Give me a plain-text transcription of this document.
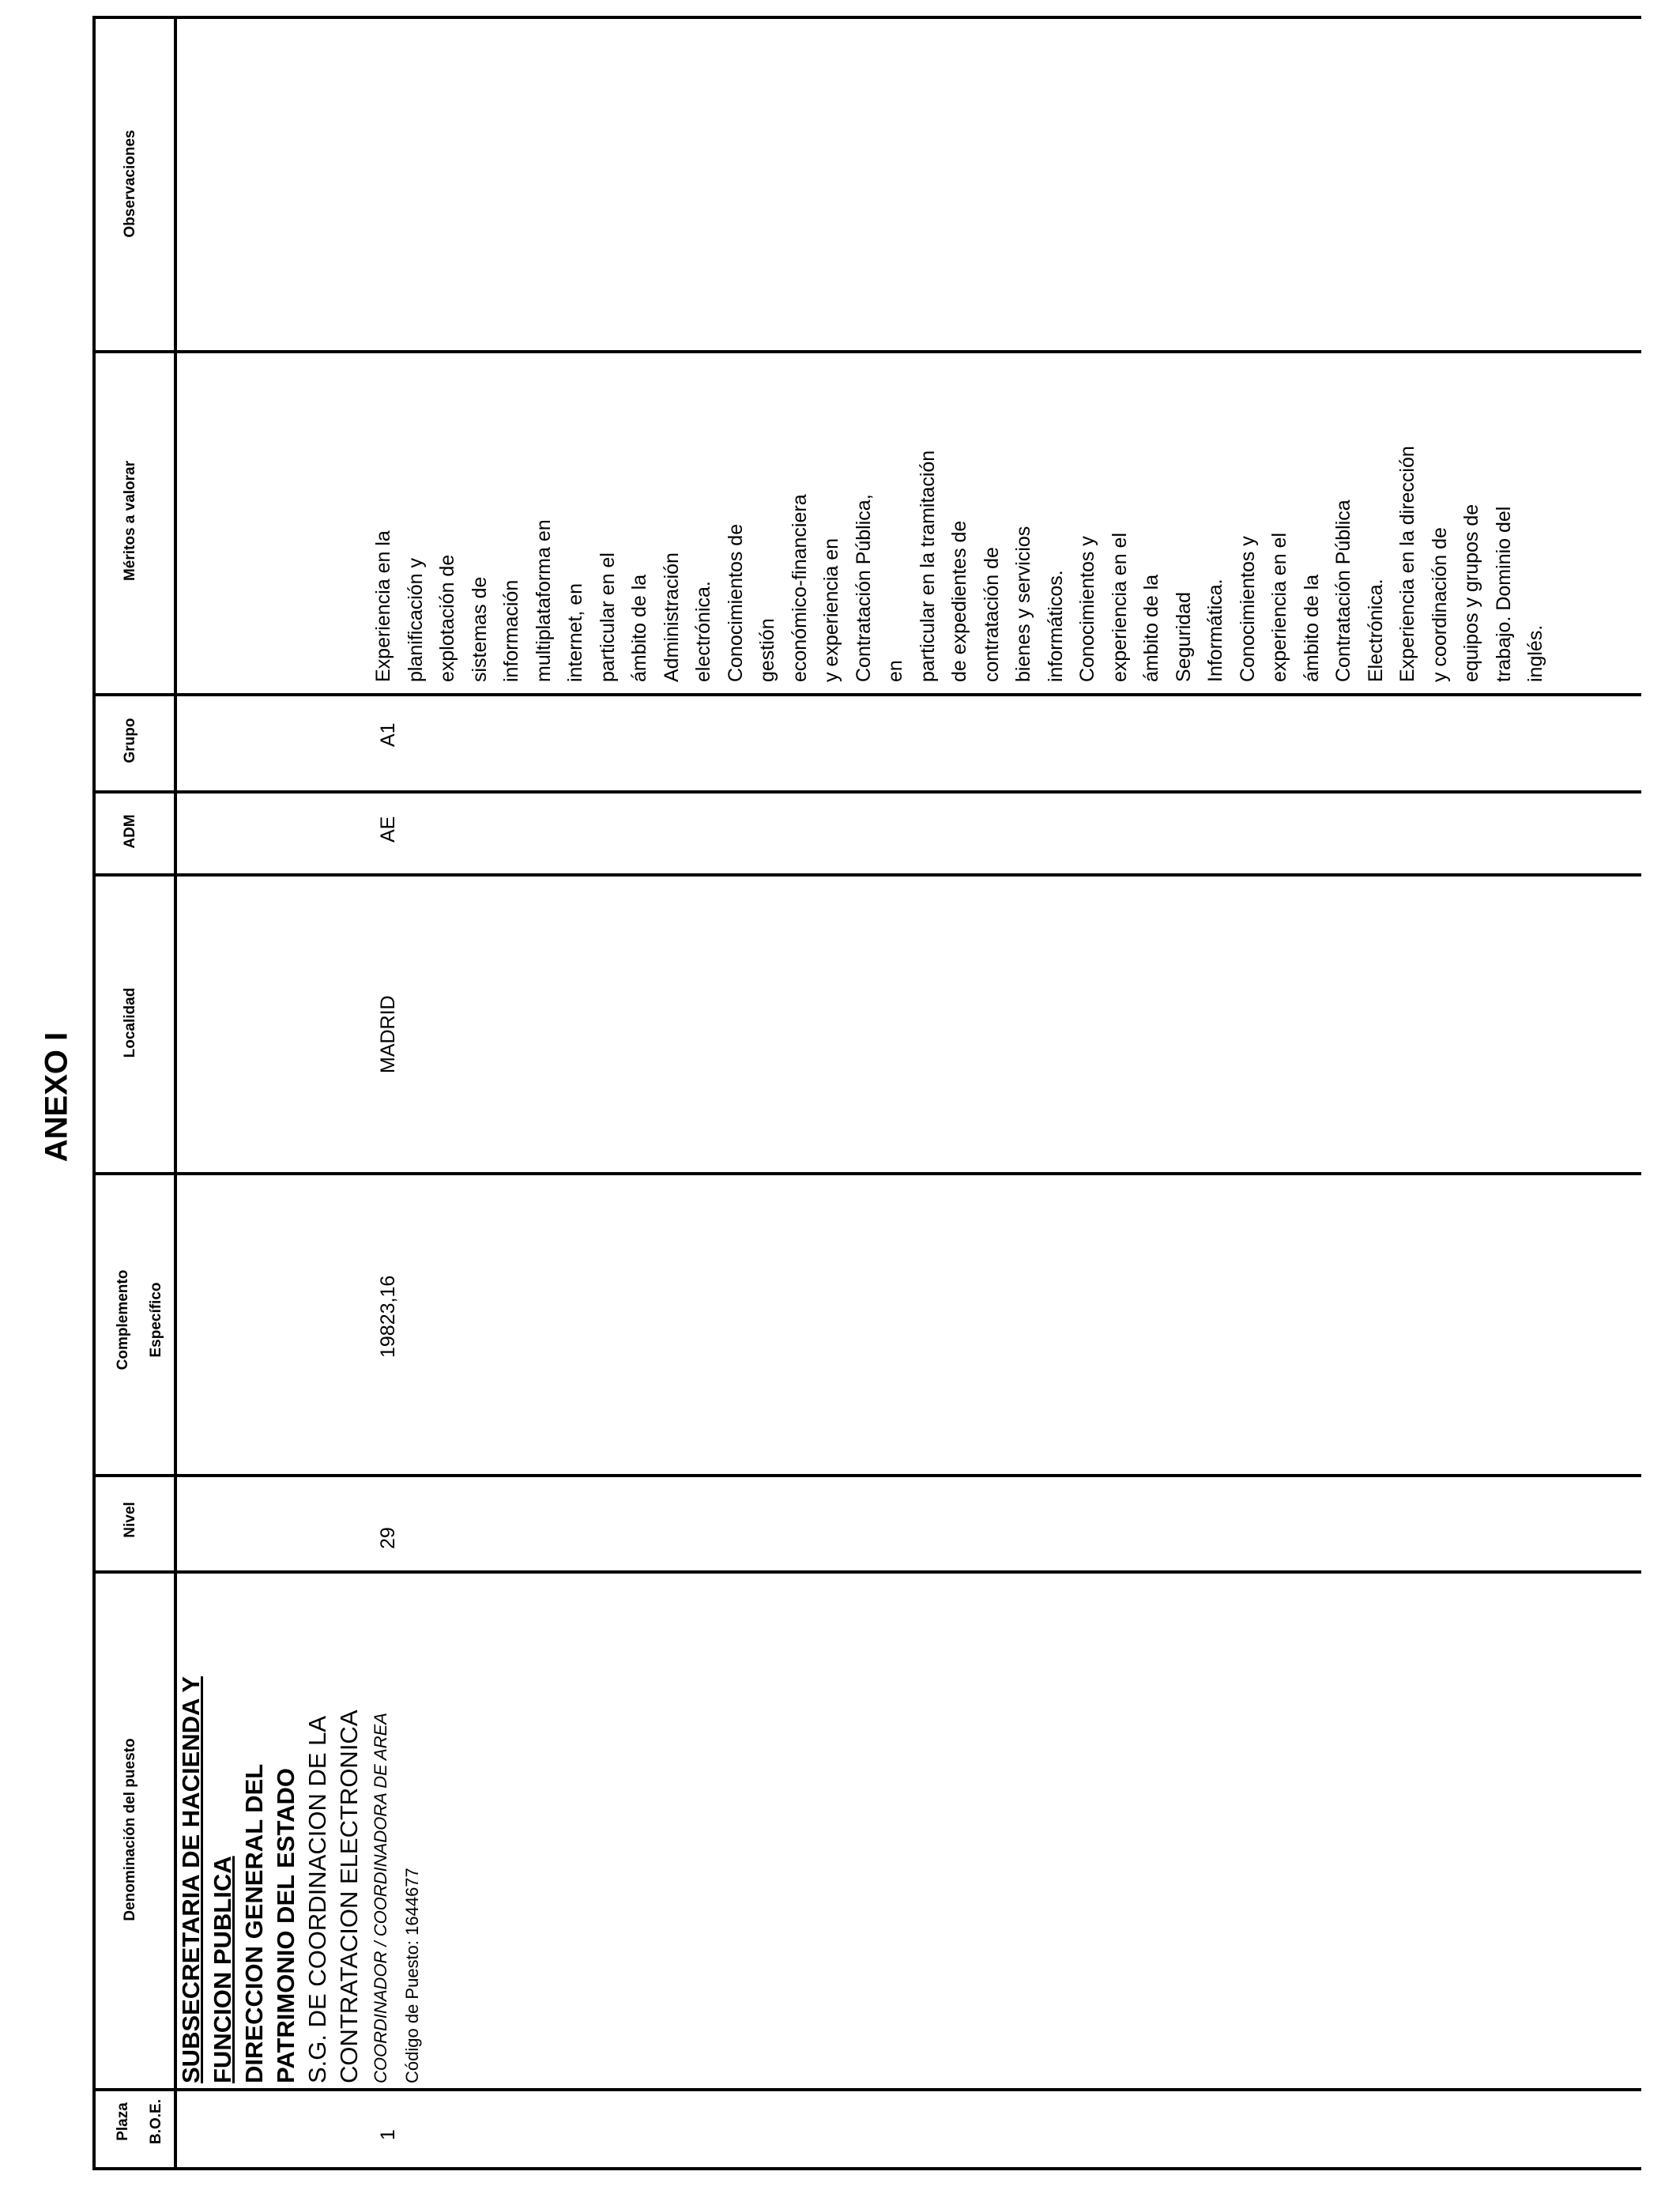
ANEXO I
Plaza	B.O.E.
Denominación del puesto
Nivel
Complemento	Específico
Localidad
ADM
Grupo
Méritos a valorar
Observaciones
1
SUBSECRETARIA DE HACIENDA Y FUNCION PUBLICA DIRECCION GENERAL DEL PATRIMONIO DEL ESTADO S.G. DE COORDINACION DE LA CONTRATACION ELECTRONICA COORDINADOR / COORDINADORA DE AREA Código de Puesto: 1644677
29
19823,16
MADRID
AE
A1
Experiencia en la planificación y explotación de sistemas de información multiplataforma en internet, en particular en el ámbito de la Administración electrónica. Conocimientos de gestión económico-financiera y experiencia en Contratación Pública, en particular en la tramitación de expedientes de contratación de bienes y servicios informáticos. Conocimientos y experiencia en el ámbito de la Seguridad Informática. Conocimientos y experiencia en el ámbito de la Contratación Pública Electrónica. Experiencia en la dirección y coordinación de equipos y grupos de trabajo. Dominio del inglés.
